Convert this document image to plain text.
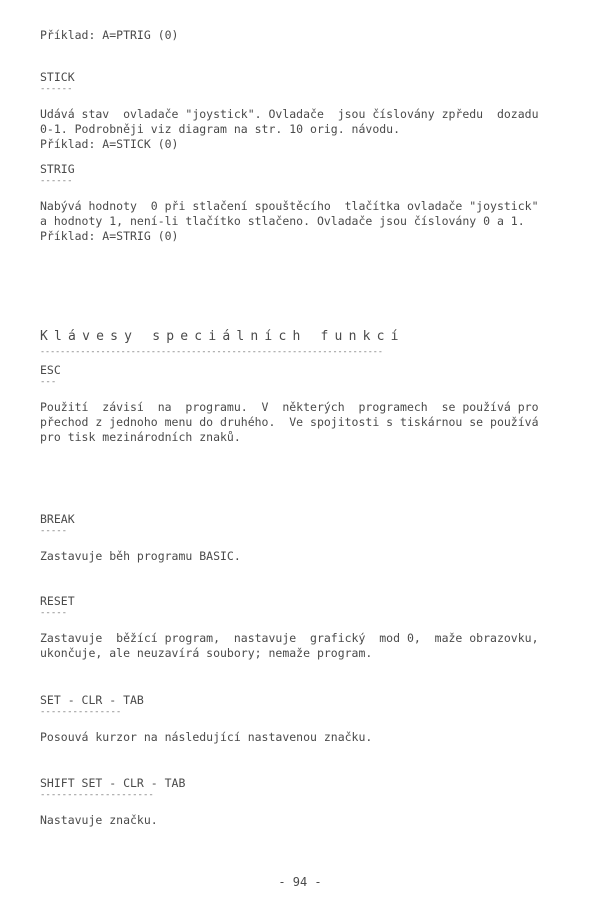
Příklad: A=PTRIG (0)
STICK
------
Udává stav  ovladače "joystick". Ovladače  jsou číslovány zpředu  dozadu
0-1. Podrobněji viz diagram na str. 10 orig. návodu.
Příklad: A=STICK (0)
STRIG
------
Nabývá hodnoty  0 při stlačení spouštěcího  tlačítka ovladače "joystick"
a hodnoty 1, není-li tlačítko stlačeno. Ovladače jsou číslovány 0 a 1.
Příklad: A=STRIG (0)
Klávesy speciálních funkcí
--------------------------------------------------------------------
ESC
---
Použití  závisí  na  programu.  V  některých  programech  se používá pro
přechod z jednoho menu do druhého.  Ve spojitosti s tiskárnou se používá
pro tisk mezinárodních znaků.
BREAK
-----
Zastavuje běh programu BASIC.
RESET
-----
Zastavuje  běžící program,  nastavuje  grafický  mod 0,  maže obrazovku,
ukončuje, ale neuzavírá soubory; nemaže program.
SET - CLR - TAB
---------------
Posouvá kurzor na následující nastavenou značku.
SHIFT SET - CLR - TAB
---------------------
Nastavuje značku.
- 94 -
